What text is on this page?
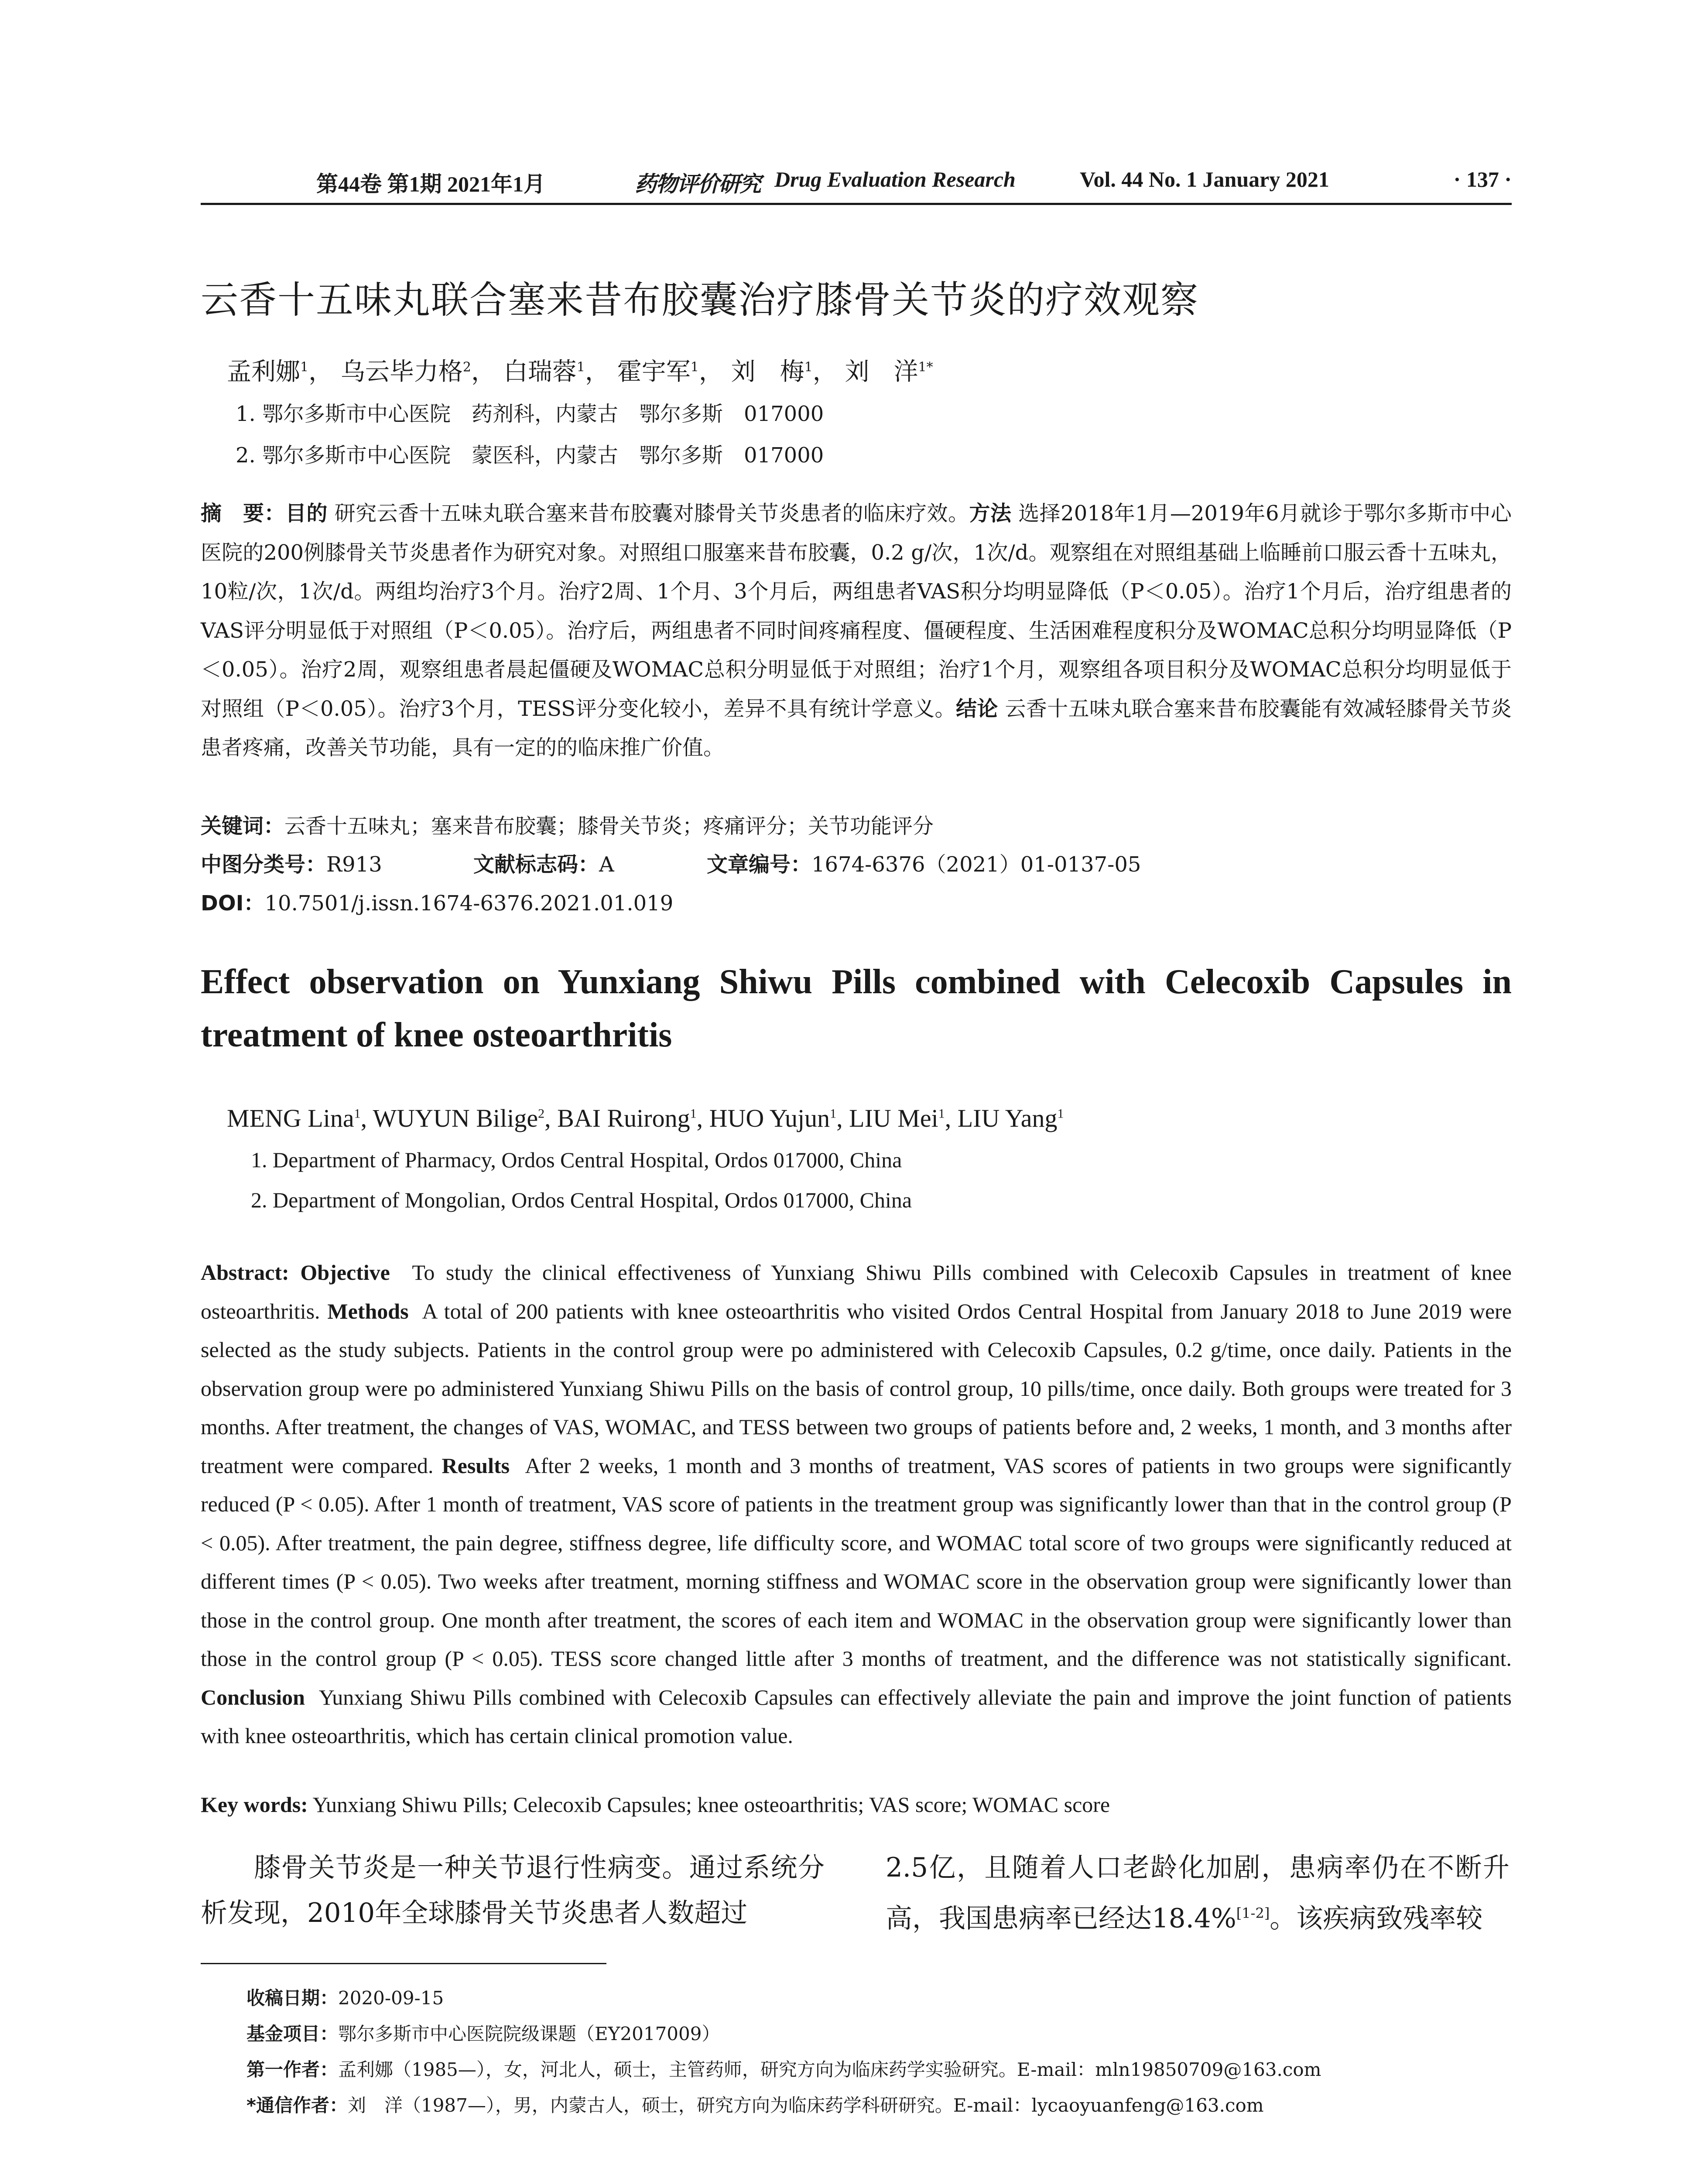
第44卷 第1期 2021年1月	药物评价研究 Drug Evaluation Research	Vol. 44 No. 1 January 2021	· 137 ·
云香十五味丸联合塞来昔布胶囊治疗膝骨关节炎的疗效观察
孟利娜$^1$， 乌云毕力格$^2$， 白瑞蓉$^1$， 霍宇军$^1$， 刘　梅$^1$， 刘　洋$^{1*}$
1. 鄂尔多斯市中心医院　药剂科，内蒙古　鄂尔多斯　017000
2. 鄂尔多斯市中心医院　蒙医科，内蒙古　鄂尔多斯　017000
摘　要：目的 研究云香十五味丸联合塞来昔布胶囊对膝骨关节炎患者的临床疗效。方法 选择2018年1月—2019年6月就诊于鄂尔多斯市中心医院的200例膝骨关节炎患者作为研究对象。对照组口服塞来昔布胶囊，0.2 g/次，1次/d。观察组在对照组基础上临睡前口服云香十五味丸，10粒/次，1次/d。两组均治疗3个月。治疗2周、1个月、3个月后，两组患者VAS积分均明显降低（P＜0.05）。治疗1个月后，治疗组患者的VAS评分明显低于对照组（P＜0.05）。治疗后，两组患者不同时间疼痛程度、僵硬程度、生活困难程度积分及WOMAC总积分均明显降低（P＜0.05）。治疗2周，观察组患者晨起僵硬及WOMAC总积分明显低于对照组；治疗1个月，观察组各项目积分及WOMAC总积分均明显低于对照组（P＜0.05）。治疗3个月，TESS评分变化较小，差异不具有统计学意义。结论 云香十五味丸联合塞来昔布胶囊能有效减轻膝骨关节炎患者疼痛，改善关节功能，具有一定的的临床推广价值。
关键词：云香十五味丸；塞来昔布胶囊；膝骨关节炎；疼痛评分；关节功能评分
中图分类号：R913	文献标志码：A	文章编号：1674-6376（2021）01-0137-05
DOI：10.7501/j.issn.1674-6376.2021.01.019
Effect observation on Yunxiang Shiwu Pills combined with Celecoxib Capsules in treatment of knee osteoarthritis
MENG Lina$^1$, WUYUN Bilige$^2$, BAI Ruirong$^1$, HUO Yujun$^1$, LIU Mei$^1$, LIU Yang$^1$
1. Department of Pharmacy, Ordos Central Hospital, Ordos 017000, China
2. Department of Mongolian, Ordos Central Hospital, Ordos 017000, China
Abstract: Objective To study the clinical effectiveness of Yunxiang Shiwu Pills combined with Celecoxib Capsules in treatment of knee osteoarthritis. Methods A total of 200 patients with knee osteoarthritis who visited Ordos Central Hospital from January 2018 to June 2019 were selected as the study subjects. Patients in the control group were po administered with Celecoxib Capsules, 0.2 g/time, once daily. Patients in the observation group were po administered Yunxiang Shiwu Pills on the basis of control group, 10 pills/time, once daily. Both groups were treated for 3 months. After treatment, the changes of VAS, WOMAC, and TESS between two groups of patients before and, 2 weeks, 1 month, and 3 months after treatment were compared. Results After 2 weeks, 1 month and 3 months of treatment, VAS scores of patients in two groups were significantly reduced (P < 0.05). After 1 month of treatment, VAS score of patients in the treatment group was significantly lower than that in the control group (P < 0.05). After treatment, the pain degree, stiffness degree, life difficulty score, and WOMAC total score of two groups were significantly reduced at different times (P < 0.05). Two weeks after treatment, morning stiffness and WOMAC score in the observation group were significantly lower than those in the control group. One month after treatment, the scores of each item and WOMAC in the observation group were significantly lower than those in the control group (P < 0.05). TESS score changed little after 3 months of treatment, and the difference was not statistically significant. Conclusion Yunxiang Shiwu Pills combined with Celecoxib Capsules can effectively alleviate the pain and improve the joint function of patients with knee osteoarthritis, which has certain clinical promotion value.
Key words: Yunxiang Shiwu Pills; Celecoxib Capsules; knee osteoarthritis; VAS score; WOMAC score
膝骨关节炎是一种关节退行性病变。通过系统分析发现，2010年全球膝骨关节炎患者人数超过
2.5亿，且随着人口老龄化加剧，患病率仍在不断升高，我国患病率已经达18.4%[1-2]。该疾病致残率较
收稿日期：2020-09-15
基金项目：鄂尔多斯市中心医院院级课题（EY2017009）
第一作者：孟利娜（1985—），女，河北人，硕士，主管药师，研究方向为临床药学实验研究。E-mail：mln19850709@163.com
*通信作者：刘　洋（1987—），男，内蒙古人，硕士，研究方向为临床药学科研研究。E-mail：lycaoyuanfeng@163.com
